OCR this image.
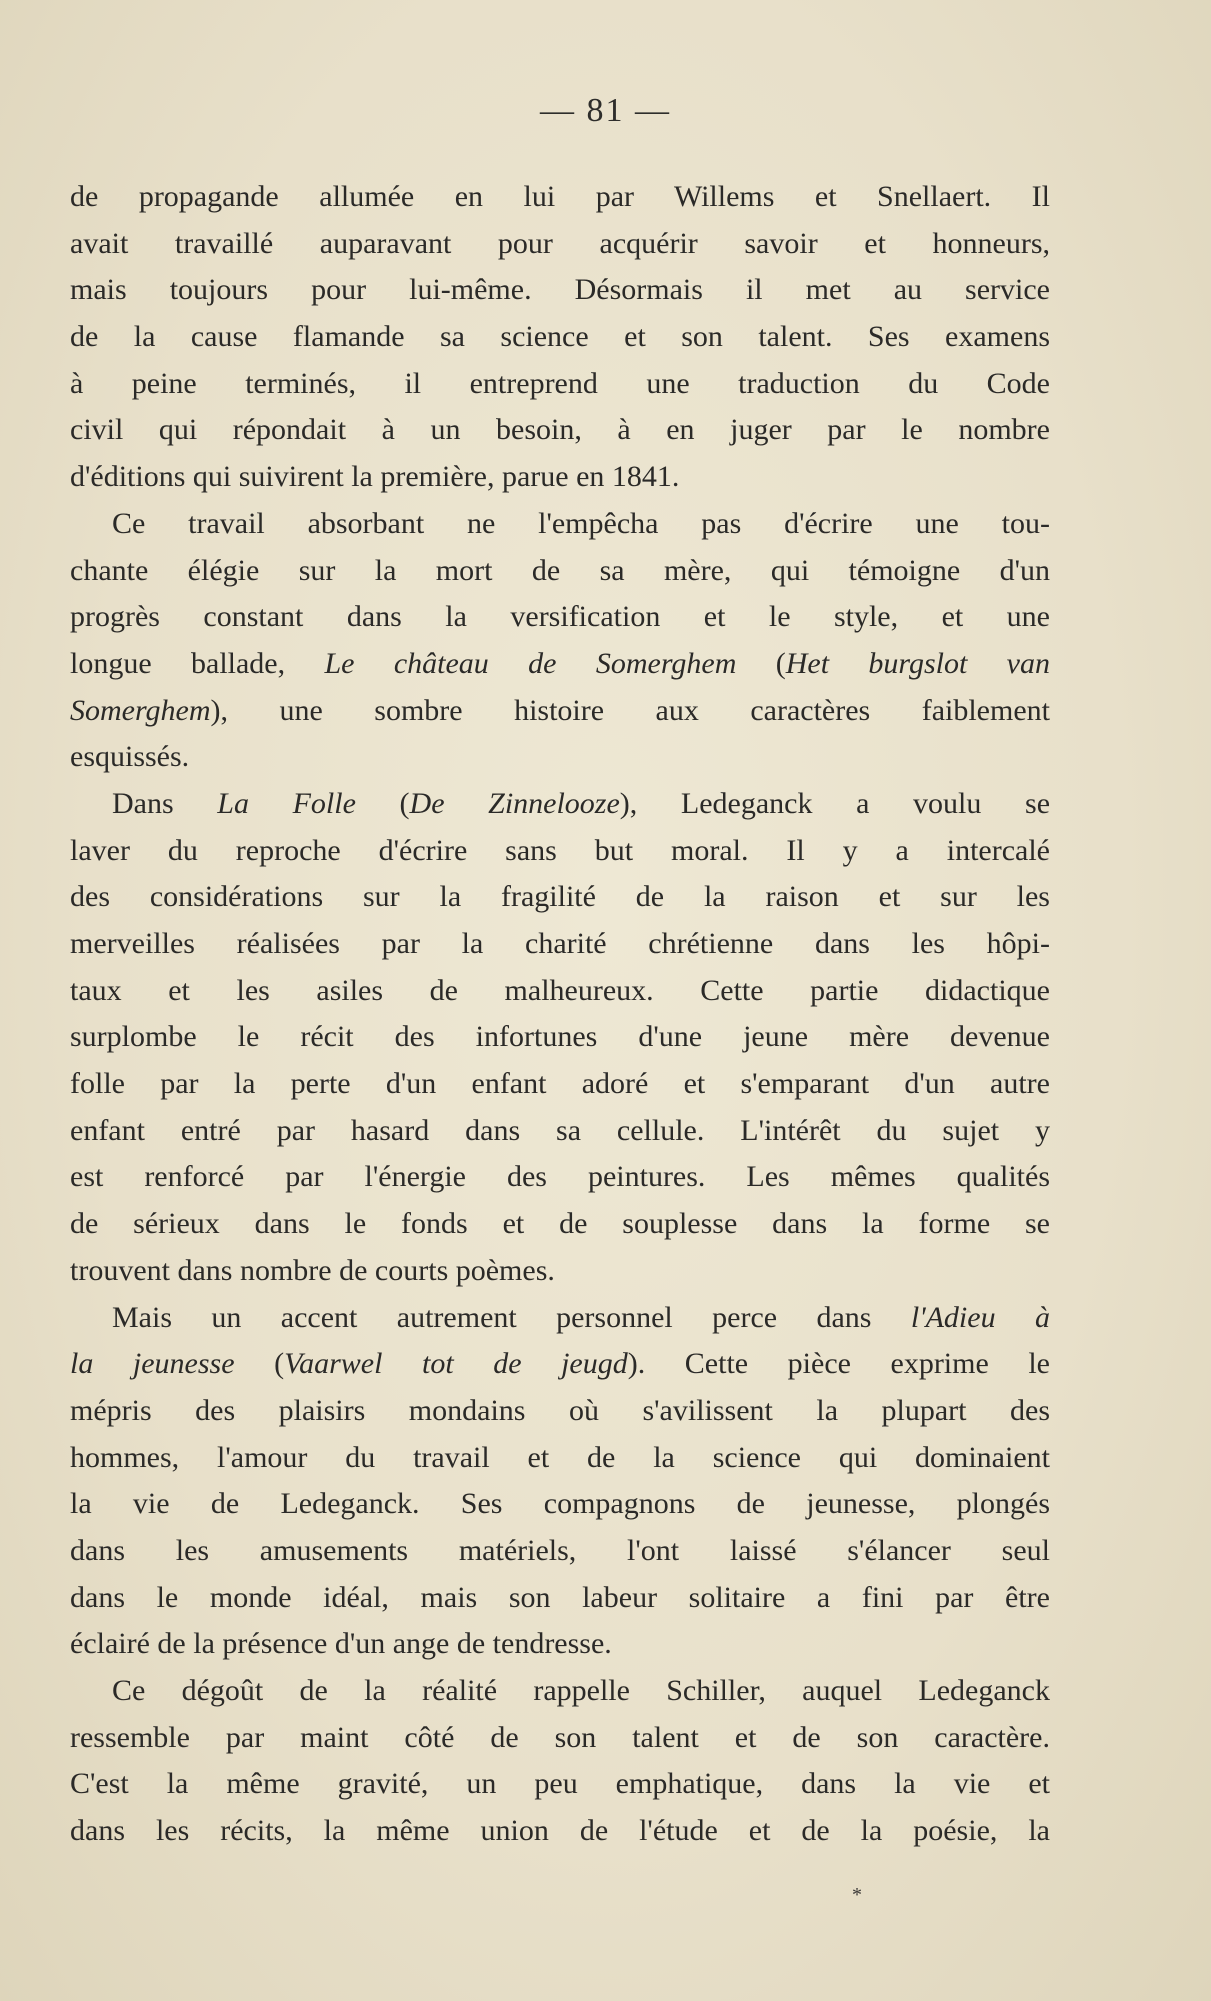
— 81 —
de propagande allumée en lui par Willems et Snellaert. Il
avait travaillé auparavant pour acquérir savoir et honneurs,
mais toujours pour lui-même. Désormais il met au service
de la cause flamande sa science et son talent. Ses examens
à peine terminés, il entreprend une traduction du Code
civil qui répondait à un besoin, à en juger par le nombre
d'éditions qui suivirent la première, parue en 1841.
Ce travail absorbant ne l'empêcha pas d'écrire une tou-
chante élégie sur la mort de sa mère, qui témoigne d'un
progrès constant dans la versification et le style, et une
longue ballade, Le château de Somerghem (Het burgslot van
Somerghem), une sombre histoire aux caractères faiblement
esquissés.
Dans La Folle (De Zinnelooze), Ledeganck a voulu se
laver du reproche d'écrire sans but moral. Il y a intercalé
des considérations sur la fragilité de la raison et sur les
merveilles réalisées par la charité chrétienne dans les hôpi-
taux et les asiles de malheureux. Cette partie didactique
surplombe le récit des infortunes d'une jeune mère devenue
folle par la perte d'un enfant adoré et s'emparant d'un autre
enfant entré par hasard dans sa cellule. L'intérêt du sujet y
est renforcé par l'énergie des peintures. Les mêmes qualités
de sérieux dans le fonds et de souplesse dans la forme se
trouvent dans nombre de courts poèmes.
Mais un accent autrement personnel perce dans l'Adieu à
la jeunesse (Vaarwel tot de jeugd). Cette pièce exprime le
mépris des plaisirs mondains où s'avilissent la plupart des
hommes, l'amour du travail et de la science qui dominaient
la vie de Ledeganck. Ses compagnons de jeunesse, plongés
dans les amusements matériels, l'ont laissé s'élancer seul
dans le monde idéal, mais son labeur solitaire a fini par être
éclairé de la présence d'un ange de tendresse.
Ce dégoût de la réalité rappelle Schiller, auquel Ledeganck
ressemble par maint côté de son talent et de son caractère.
C'est la même gravité, un peu emphatique, dans la vie et
dans les récits, la même union de l'étude et de la poésie, la
*
